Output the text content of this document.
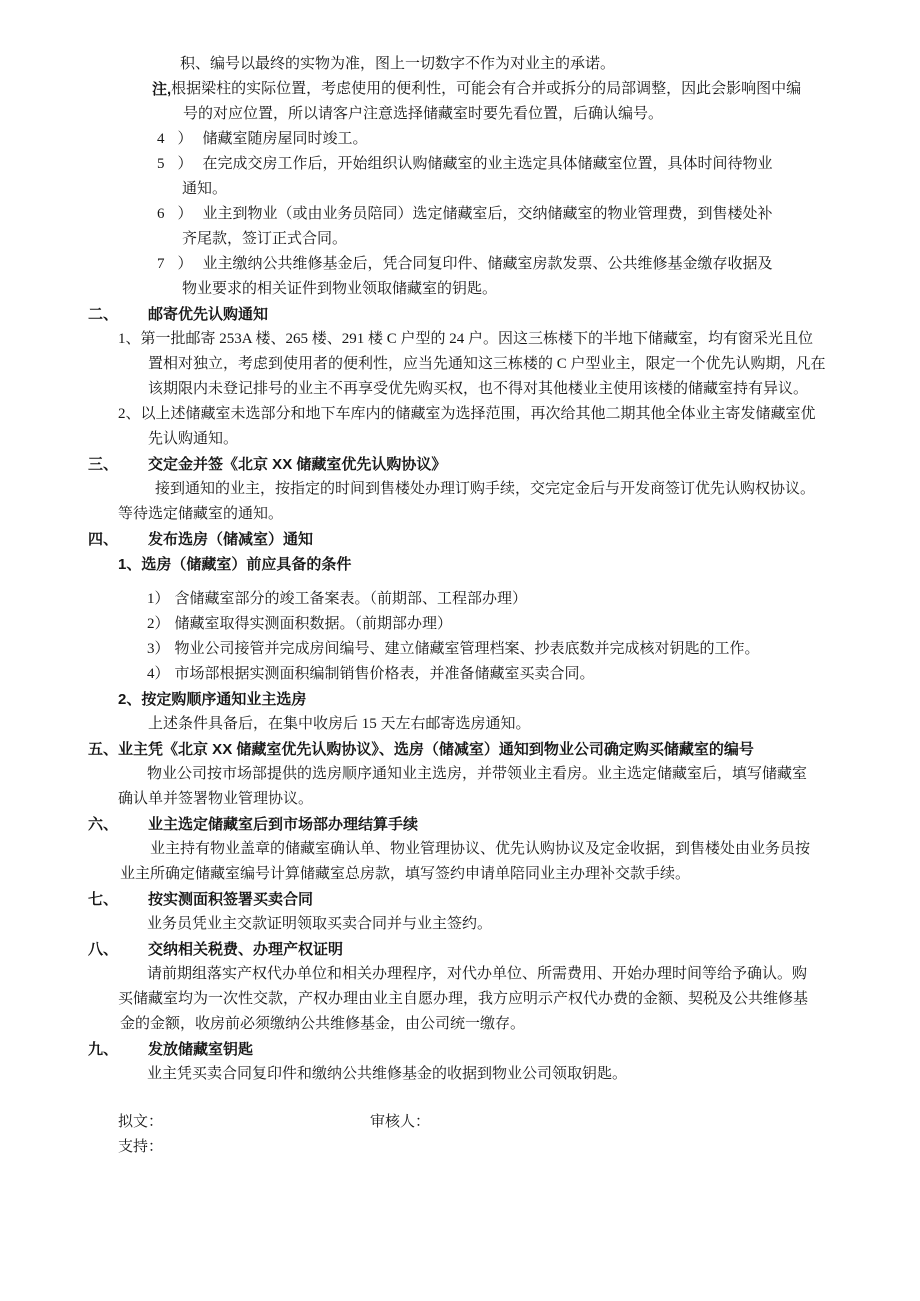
积、编号以最终的实物为准，图上一切数字不作为对业主的承诺。
注,根据梁柱的实际位置，考虑使用的便利性，可能会有合并或拆分的局部调整，因此会影响图中编
号的对应位置，所以请客户注意选择储藏室时要先看位置，后确认编号。
4 ） 储藏室随房屋同时竣工。
5 ） 在完成交房工作后，开始组织认购储藏室的业主选定具体储藏室位置，具体时间待物业
通知。
6 ） 业主到物业（或由业务员陪同）选定储藏室后，交纳储藏室的物业管理费，到售楼处补
齐尾款，签订正式合同。
7 ） 业主缴纳公共维修基金后，凭合同复印件、储藏室房款发票、公共维修基金缴存收据及
物业要求的相关证件到物业领取储藏室的钥匙。
二、 邮寄优先认购通知
1、第一批邮寄 253A 楼、265 楼、291 楼 C 户型的 24 户。因这三栋楼下的半地下储藏室，均有窗采光且位
置相对独立，考虑到使用者的便利性，应当先通知这三栋楼的 C 户型业主，限定一个优先认购期，凡在
该期限内未登记排号的业主不再享受优先购买权，也不得对其他楼业主使用该楼的储藏室持有异议。
2、以上述储藏室未选部分和地下车库内的储藏室为选择范围，再次给其他二期其他全体业主寄发储藏室优
先认购通知。
三、 交定金并签《北京 XX 储藏室优先认购协议》
接到通知的业主，按指定的时间到售楼处办理订购手续，交完定金后与开发商签订优先认购权协议。
等待选定储藏室的通知。
四、 发布选房（储减室）通知
1、选房（储藏室）前应具备的条件
1） 含储藏室部分的竣工备案表。（前期部、工程部办理）
2） 储藏室取得实测面积数据。（前期部办理）
3） 物业公司接管并完成房间编号、建立储藏室管理档案、抄表底数并完成核对钥匙的工作。
4） 市场部根据实测面积编制销售价格表，并准备储藏室买卖合同。
2、按定购顺序通知业主选房
上述条件具备后，在集中收房后 15 天左右邮寄选房通知。
五、业主凭《北京 XX 储藏室优先认购协议》、选房（储减室）通知到物业公司确定购买储藏室的编号
物业公司按市场部提供的选房顺序通知业主选房，并带领业主看房。业主选定储藏室后，填写储藏室
确认单并签署物业管理协议。
六、 业主选定储藏室后到市场部办理结算手续
业主持有物业盖章的储藏室确认单、物业管理协议、优先认购协议及定金收据，到售楼处由业务员按
业主所确定储藏室编号计算储藏室总房款，填写签约申请单陪同业主办理补交款手续。
七、 按实测面积签署买卖合同
业务员凭业主交款证明领取买卖合同并与业主签约。
八、 交纳相关税费、办理产权证明
请前期组落实产权代办单位和相关办理程序，对代办单位、所需费用、开始办理时间等给予确认。购
买储藏室均为一次性交款，产权办理由业主自愿办理，我方应明示产权代办费的金额、契税及公共维修基
金的金额，收房前必须缴纳公共维修基金，由公司统一缴存。
九、 发放储藏室钥匙
业主凭买卖合同复印件和缴纳公共维修基金的收据到物业公司领取钥匙。
拟文：	审核人：
支持：
